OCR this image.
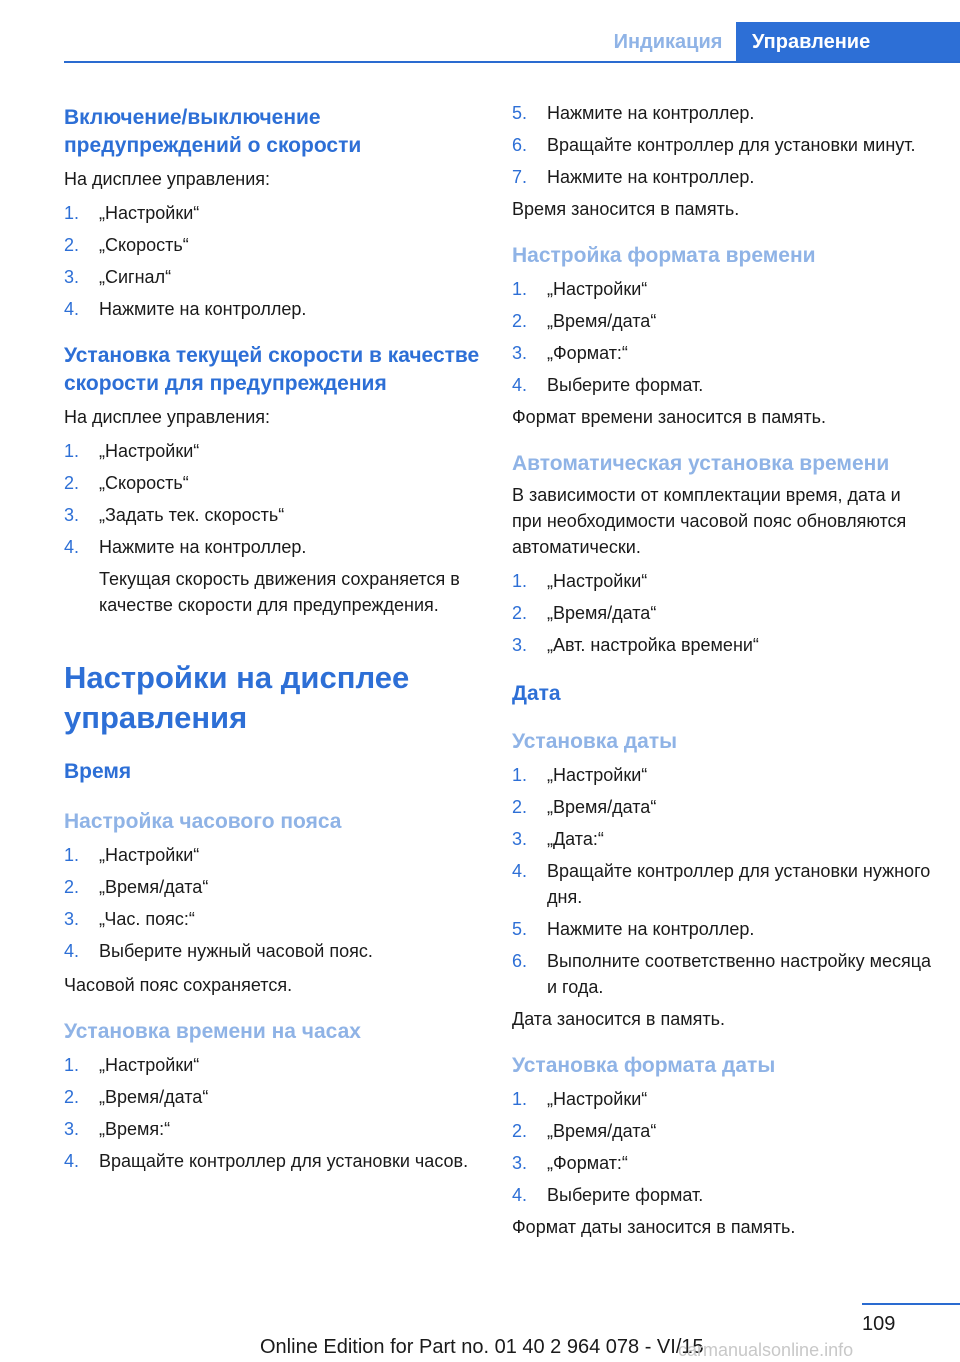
Индикация	Управление
Включение/выключение предупреждений о скорости
На дисплее управления:
1. „Настройки“
2. „Скорость“
3. „Сигнал“
4. Нажмите на контроллер.
Установка текущей скорости в качестве скорости для предупреждения
На дисплее управления:
1. „Настройки“
2. „Скорость“
3. „Задать тек. скорость“
4. Нажмите на контроллер.
Текущая скорость движения сохраняется в качестве скорости для предупреждения.
Настройки на дисплее управления
Время
Настройка часового пояса
1. „Настройки“
2. „Время/дата“
3. „Час. пояс:“
4. Выберите нужный часовой пояс.
Часовой пояс сохраняется.
Установка времени на часах
1. „Настройки“
2. „Время/дата“
3. „Время:“
4. Вращайте контроллер для установки часов.
5. Нажмите на контроллер.
6. Вращайте контроллер для установки минут.
7. Нажмите на контроллер.
Время заносится в память.
Настройка формата времени
1. „Настройки“
2. „Время/дата“
3. „Формат:“
4. Выберите формат.
Формат времени заносится в память.
Автоматическая установка времени
В зависимости от комплектации время, дата и при необходимости часовой пояс обновляются автоматически.
1. „Настройки“
2. „Время/дата“
3. „Авт. настройка времени“
Дата
Установка даты
1. „Настройки“
2. „Время/дата“
3. „Дата:“
4. Вращайте контроллер для установки нужного дня.
5. Нажмите на контроллер.
6. Выполните соответственно настройку месяца и года.
Дата заносится в память.
Установка формата даты
1. „Настройки“
2. „Время/дата“
3. „Формат:“
4. Выберите формат.
Формат даты заносится в память.
109
Online Edition for Part no. 01 40 2 964 078 - VI/15
carmanualsonline.info
